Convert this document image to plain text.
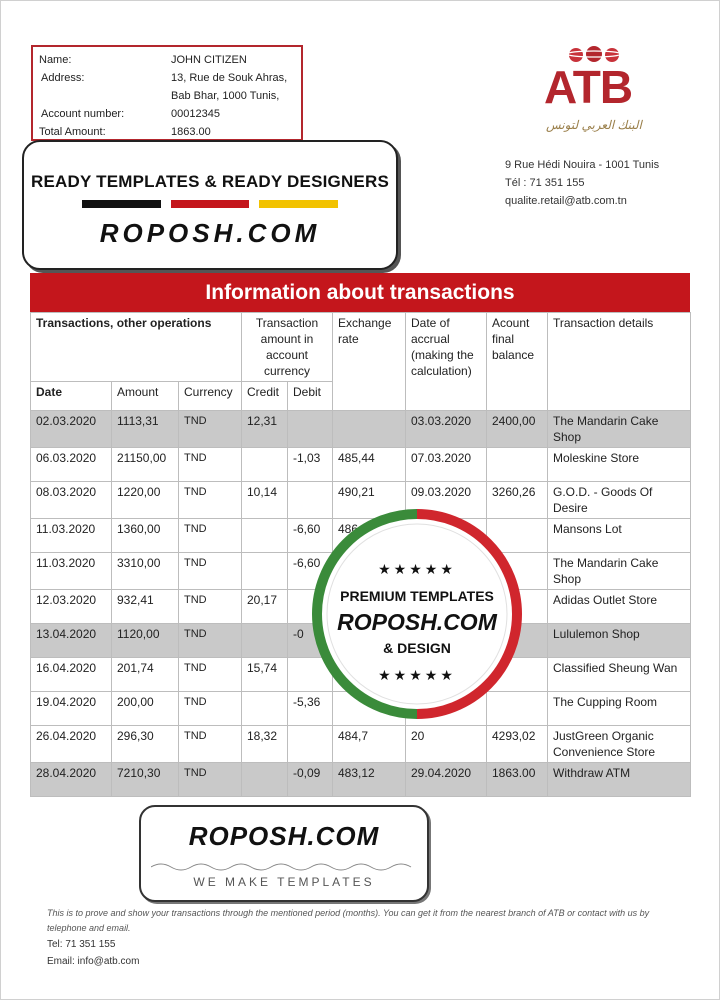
Name:	JOHN CITIZEN
Address:	13, Rue de Souk Ahras,
Bab Bhar, 1000 Tunis,
Account number:	00012345
Total Amount:	1863.00
ATB
البنك العربي لتونس
9 Rue Hédi Nouira - 1001 Tunis
Tél : 71 351 155
qualite.retail@atb.com.tn
Information about transactions
Transactions, other operations			Transaction amount in account currency		Exchange rate	Date of accrual (making the calculation)	Acount final balance	Transaction details
Date	Amount	Currency	Credit	Debit				
02.03.2020	1113,31	TND	12,31			03.03.2020	2400,00	The Mandarin Cake Shop
06.03.2020	21150,00	TND		-1,03	485,44	07.03.2020		Moleskine Store
08.03.2020	1220,00	TND	10,14		490,21	09.03.2020	3260,26	G.O.D. - Goods Of Desire
11.03.2020	1360,00	TND		-6,60	486			Mansons Lot
11.03.2020	3310,00	TND		-6,60				The Mandarin Cake Shop
12.03.2020	932,41	TND	20,17					Adidas Outlet Store
13.04.2020	1120,00	TND		-0				Lululemon Shop
16.04.2020	201,74	TND	15,74					Classified Sheung Wan
19.04.2020	200,00	TND		-5,36				The Cupping Room
26.04.2020	296,30	TND	18,32		484,7	20	4293,02	JustGreen Organic Convenience Store
28.04.2020	7210,30	TND		-0,09	483,12	29.04.2020	1863.00	Withdraw ATM
READY TEMPLATES & READY DESIGNERS
ROPOSH.COM
★★★★★
PREMIUM TEMPLATES
ROPOSH.COM
& DESIGN
★★★★★
ROPOSH.COM
WE MAKE TEMPLATES
This is to prove and show your transactions through the mentioned period (months). You can get it from the nearest branch of ATB or contact with us by telephone and email.
Tel: 71 351 155
Email: info@atb.com
